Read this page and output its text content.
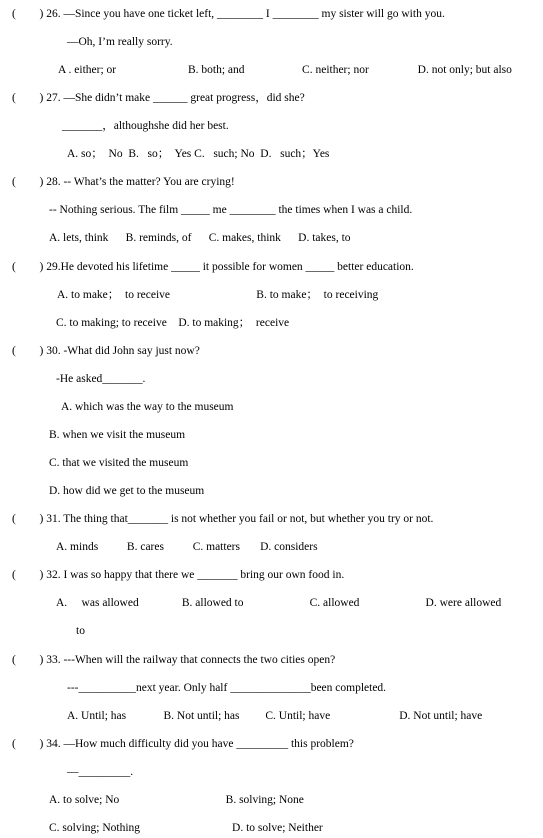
( ) 26. —Since you have one ticket left, ________ I ________ my sister will go with you.
—Oh, I’m really sorry.
A . either; or                         B. both; and                    C. neither; nor                 D. not only; but also
( ) 27. —She didn’t make ______ great progress，did she?
_______，althoughshe did her best.
A. so；  No  B.   so；  Yes C.   such; No  D.   such；Yes
( ) 28. -- What’s the matter? You are crying!
-- Nothing serious. The film _____ me ________ the times when I was a child.
A. lets, think      B. reminds, of      C. makes, think      D. takes, to
( ) 29.He devoted his lifetime _____ it possible for women _____ better education.
A. to make；  to receive                              B. to make；  to receiving
C. to making; to receive    D. to making；  receive
( ) 30. -What did John say just now?
-He asked_______.
A. which was the way to the museum
B. when we visit the museum
C. that we visited the museum
D. how did we get to the museum
( ) 31. The thing that_______ is not whether you fail or not, but whether you try or not.
A. minds          B. cares          C. matters       D. considers
( ) 32. I was so happy that there we _______ bring our own food in.
A.     was allowed               B. allowed to                       C. allowed                       D. were allowed
to
( ) 33. ---When will the railway that connects the two cities open?
---__________next year. Only half ______________been completed.
A. Until; has             B. Not until; has         C. Until; have                        D. Not until; have
( ) 34. —How much difficulty did you have _________ this problem?
—_________.
A. to solve; No                                     B. solving; None
C. solving; Nothing                                D. to solve; Neither
